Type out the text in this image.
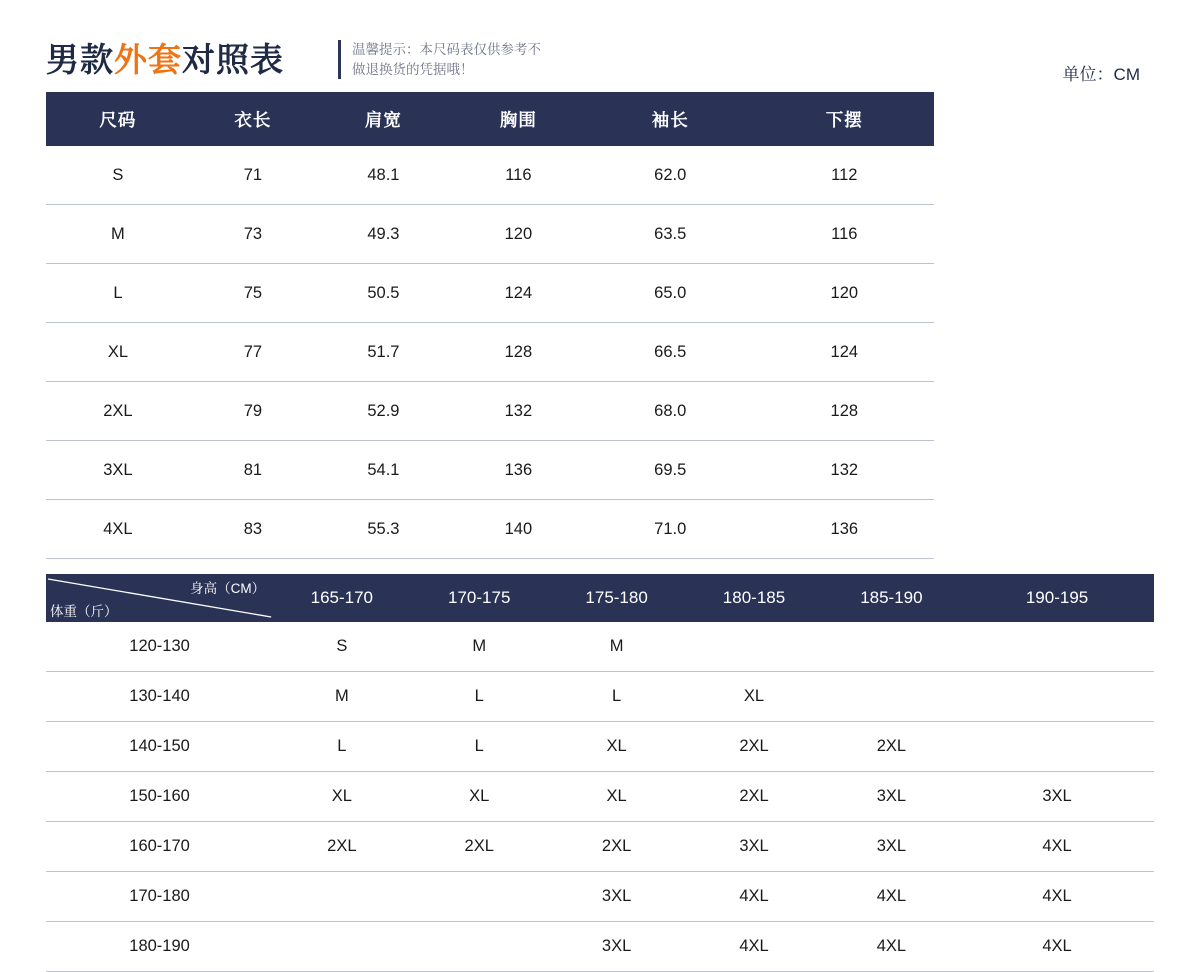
男款外套对照表	温馨提示：本尺码表仅供参考不
做退换货的凭据哦！	单位：CM
尺码	衣长	肩宽	胸围	袖长	下摆
S	71	48.1	116	62.0	112
M	73	49.3	120	63.5	116
L	75	50.5	124	65.0	120
XL	77	51.7	128	66.5	124
2XL	79	52.9	132	68.0	128
3XL	81	54.1	136	69.5	132
4XL	83	55.3	140	71.0	136
身高（CM）
体重（斤）	165-170	170-175	175-180	180-185	185-190	190-195
120-130	S	M	M			
130-140	M	L	L	XL		
140-150	L	L	XL	2XL	2XL	
150-160	XL	XL	XL	2XL	3XL	3XL
160-170	2XL	2XL	2XL	3XL	3XL	4XL
170-180			3XL	4XL	4XL	4XL
180-190			3XL	4XL	4XL	4XL
